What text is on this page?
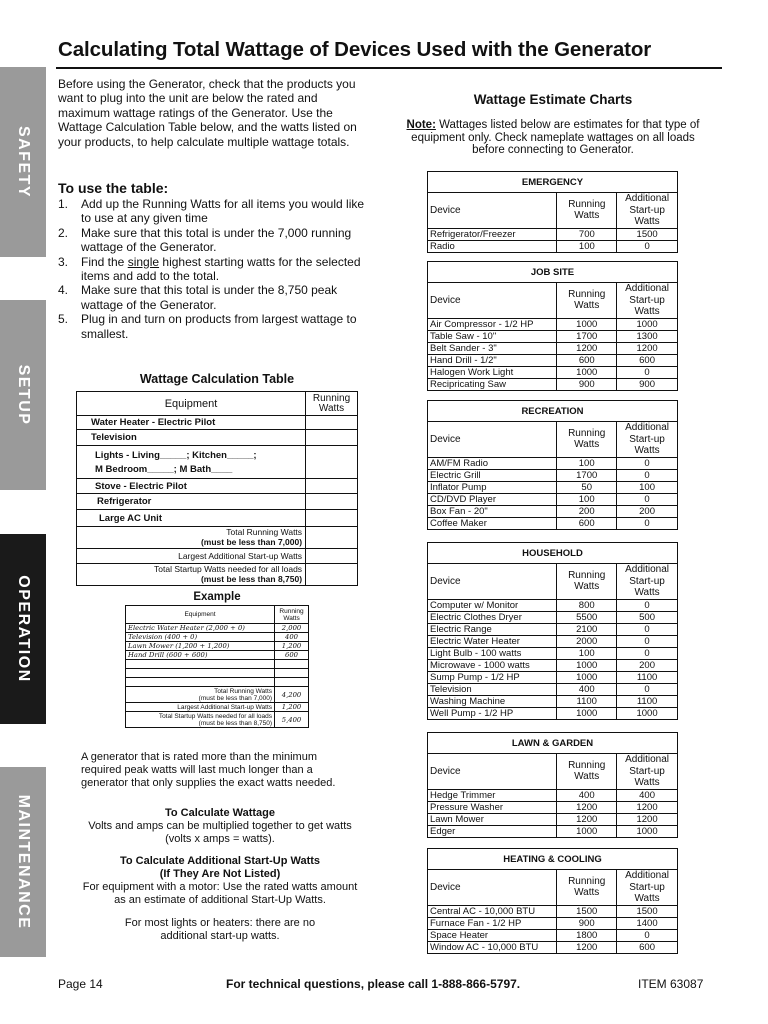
Calculating Total Wattage of Devices Used with the Generator
SAFETY
SETUP
OPERATION
MAINTENANCE
Before using the Generator, check that the products you want to plug into the unit are below the rated and maximum wattage ratings of the Generator. Use the Wattage Calculation Table below, and the watts listed on your products, to help calculate multiple wattage totals.
To use the table:
1. Add up the Running Watts for all items you would like to use at any given time
2. Make sure that this total is under the 7,000 running wattage of the Generator.
3. Find the single highest starting watts for the selected items and add to the total.
4. Make sure that this total is under the 8,750 peak wattage of the Generator.
5. Plug in and turn on products from largest wattage to smallest.
Wattage Calculation Table
Equipment	Running Watts
Water Heater - Electric Pilot	
Television	

Lights - Living_____; Kitchen_____;
M Bedroom_____; M Bath____	

Stove - Electric Pilot	
Refrigerator	
Large AC Unit	

Total Running Watts
(must be less than 7,000)	

Largest Additional Start-up Watts	

Total Startup Watts needed for all loads
(must be less than 8,750)	

Example
Equipment	Running Watts
Electric Water Heater (2,000 + 0)	2,000
Television (400 + 0)	400
Lawn Mower (1,200 + 1,200)	1,200
Hand Drill (600 + 600)	600

Total Running Watts
(must be less than 7,000)	4,200
Largest Additional Start-up Watts	1,200

Total Startup Watts needed for all loads
(must be less than 8,750)	5,400
A generator that is rated more than the minimum required peak watts will last much longer than a generator that only supplies the exact watts needed.
To Calculate Wattage
Volts and amps can be multiplied together to get watts (volts x amps = watts).
To Calculate Additional Start-Up Watts
(If They Are Not Listed)
For equipment with a motor: Use the rated watts amount as an estimate of additional Start-Up Watts.
For most lights or heaters: there are no additional start-up watts.
Wattage Estimate Charts
Note: Wattages listed below are estimates for that type of equipment only. Check nameplate wattages on all loads before connecting to Generator.
EMERGENCY		
Device	Running Watts	Additional Start-up Watts
Refrigerator/Freezer	700	1500
Radio	100	0
JOB SITE		
Device	Running Watts	Additional Start-up Watts
Air Compressor - 1/2 HP	1000	1000
Table Saw - 10"	1700	1300
Belt Sander - 3"	1200	1200
Hand Drill - 1/2"	600	600
Halogen Work Light	1000	0
Recipricating Saw	900	900
RECREATION		
Device	Running Watts	Additional Start-up Watts
AM/FM Radio	100	0
Electric Grill	1700	0
Inflator Pump	50	100
CD/DVD Player	100	0
Box Fan - 20"	200	200
Coffee Maker	600	0
HOUSEHOLD		
Device	Running Watts	Additional Start-up Watts
Computer w/ Monitor	800	0
Electric Clothes Dryer	5500	500
Electric Range	2100	0
Electric Water Heater	2000	0
Light Bulb - 100 watts	100	0
Microwave - 1000 watts	1000	200
Sump Pump - 1/2 HP	1000	1100
Television	400	0
Washing Machine	1100	1100
Well Pump - 1/2 HP	1000	1000
LAWN & GARDEN		
Device	Running Watts	Additional Start-up Watts
Hedge Trimmer	400	400
Pressure Washer	1200	1200
Lawn Mower	1200	1200
Edger	1000	1000
HEATING & COOLING		
Device	Running Watts	Additional Start-up Watts
Central AC - 10,000 BTU	1500	1500
Furnace Fan - 1/2 HP	900	1400
Space Heater	1800	0
Window AC - 10,000 BTU	1200	600
Page 14	For technical questions, please call 1-888-866-5797.	ITEM 63087
